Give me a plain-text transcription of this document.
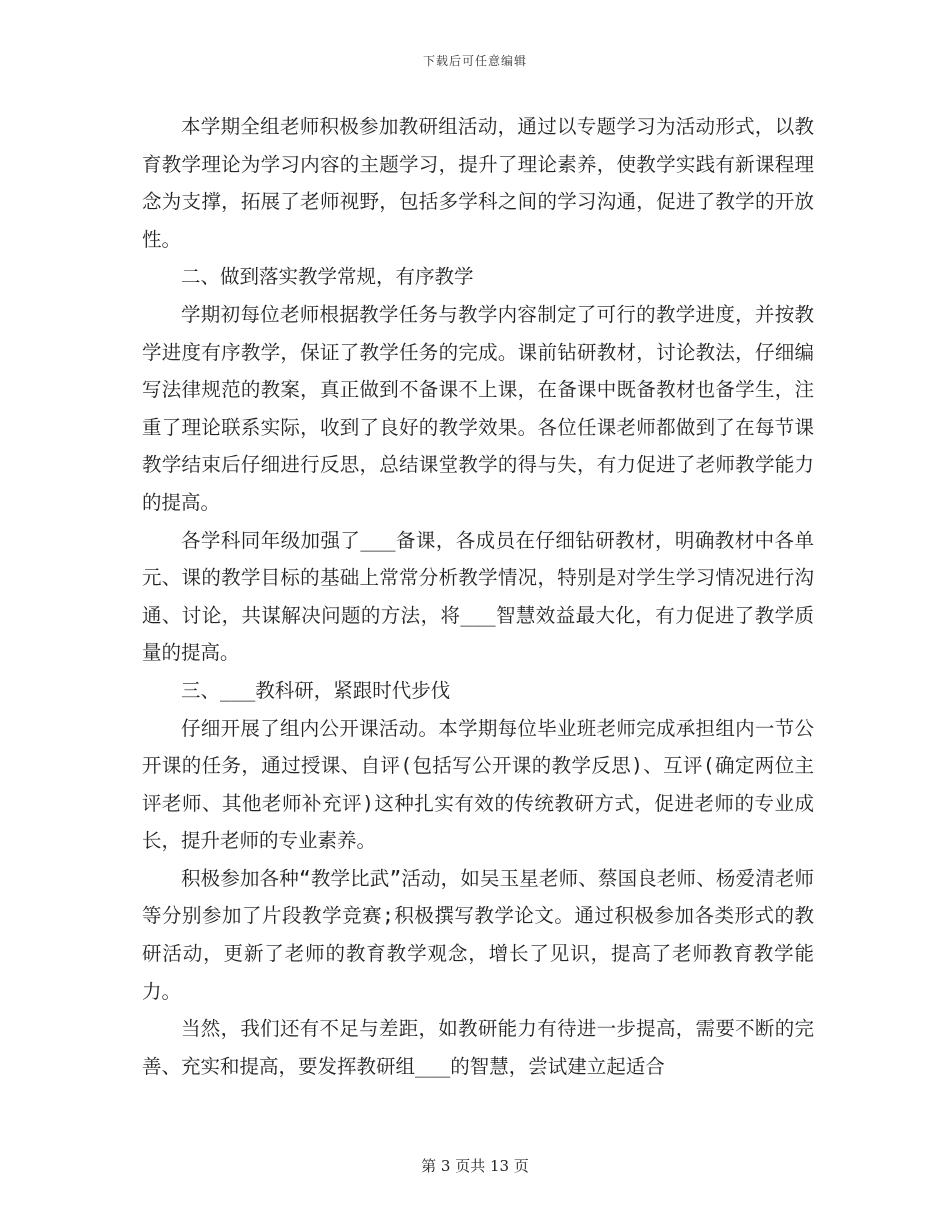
下载后可任意编辑

本学期全组老师积极参加教研组活动，通过以专题学习为活动形式，以教育教学理论为学习内容的主题学习，提升了理论素养，使教学实践有新课程理念为支撑，拓展了老师视野，包括多学科之间的学习沟通，促进了教学的开放性。

二、做到落实教学常规，有序教学

学期初每位老师根据教学任务与教学内容制定了可行的教学进度，并按教学进度有序教学，保证了教学任务的完成。课前钻研教材，讨论教法，仔细编写法律规范的教案，真正做到不备课不上课，在备课中既备教材也备学生，注重了理论联系实际，收到了良好的教学效果。各位任课老师都做到了在每节课教学结束后仔细进行反思，总结课堂教学的得与失，有力促进了老师教学能力的提高。

各学科同年级加强了___备课，各成员在仔细钻研教材，明确教材中各单元、课的教学目标的基础上常常分析教学情况，特别是对学生学习情况进行沟通、讨论，共谋解决问题的方法，将___智慧效益最大化，有力促进了教学质量的提高。

三、___教科研，紧跟时代步伐

仔细开展了组内公开课活动。本学期每位毕业班老师完成承担组内一节公开课的任务，通过授课、自评(包括写公开课的教学反思)、互评(确定两位主评老师、其他老师补充评)这种扎实有效的传统教研方式，促进老师的专业成长，提升老师的专业素养。

积极参加各种“教学比武”活动，如吴玉星老师、蔡国良老师、杨爱清老师等分别参加了片段教学竞赛;积极撰写教学论文。通过积极参加各类形式的教研活动，更新了老师的教育教学观念，增长了见识，提高了老师教育教学能力。

当然，我们还有不足与差距，如教研能力有待进一步提高，需要不断的完善、充实和提高，要发挥教研组___的智慧，尝试建立起适合

第 3 页共 13 页
